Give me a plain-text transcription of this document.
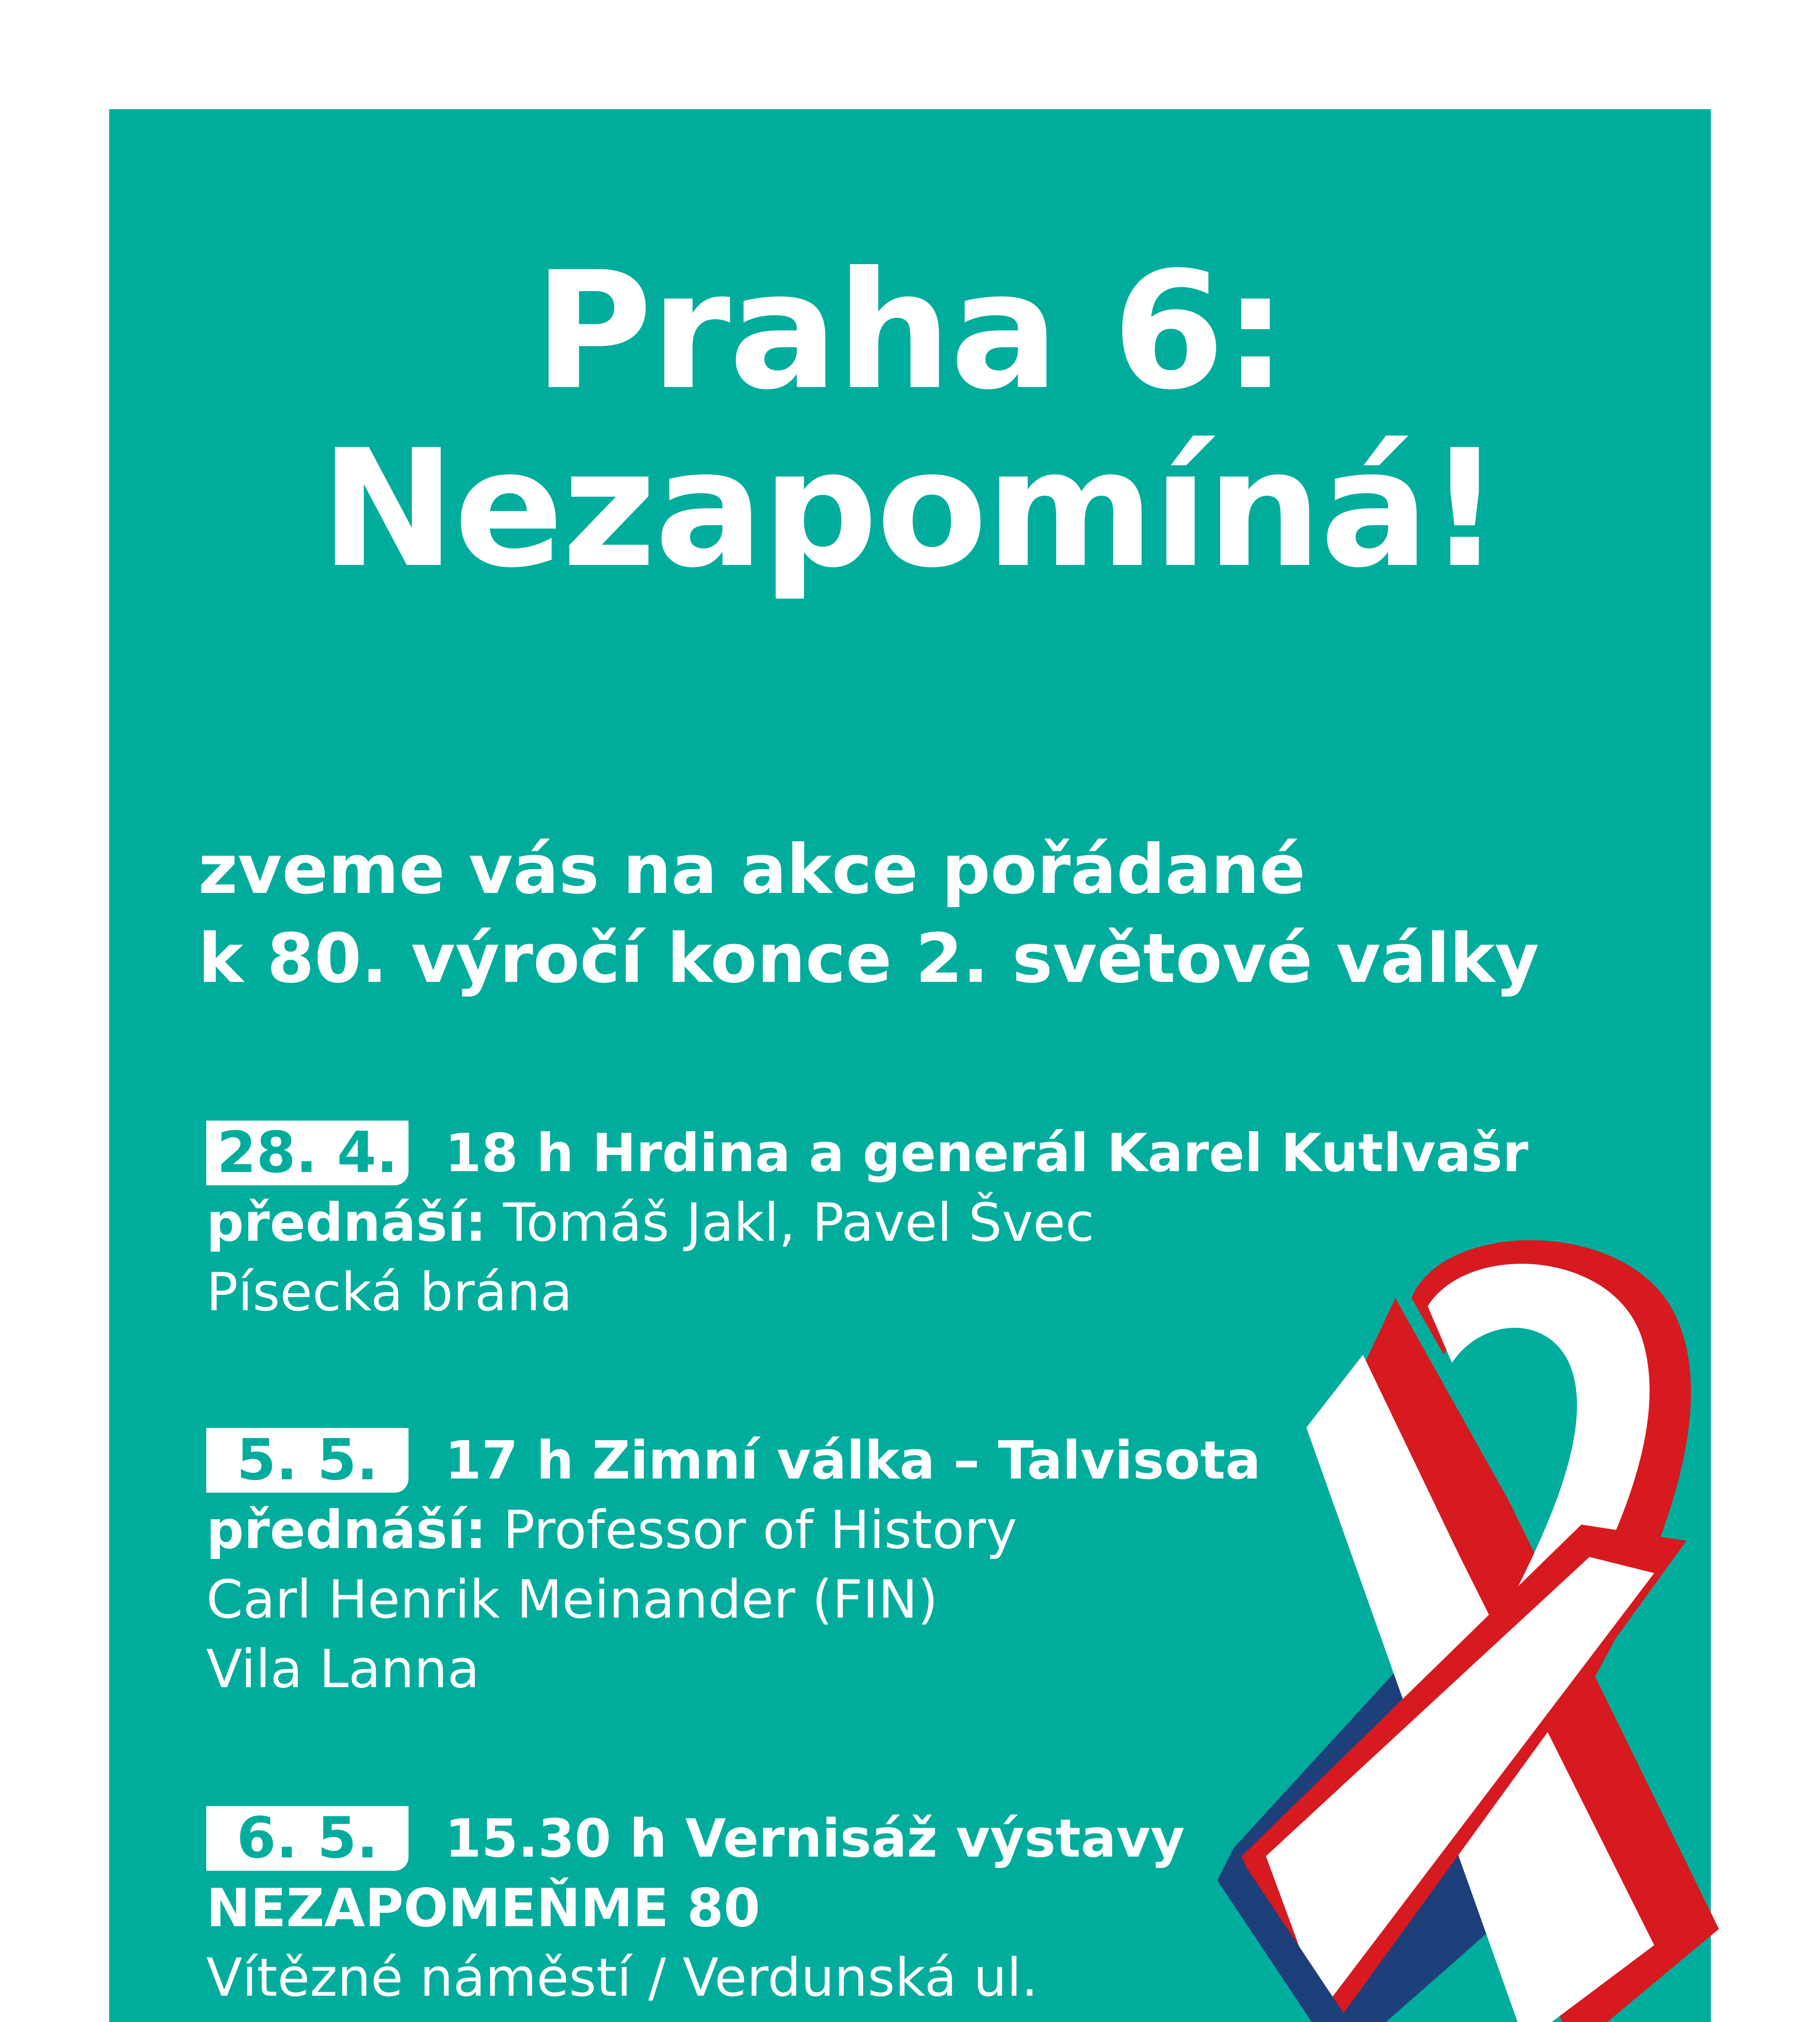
Praha 6:
Nezapomíná!
zveme vás na akce pořádané
k 80. výročí konce 2. světové války
28. 4. 18 h Hrdina a generál Karel Kutlvašr
přednáší: Tomáš Jakl, Pavel Švec
Písecká brána
5. 5.	17 h Zimní válka – Talvisota
přednáší: Professor of History
Carl Henrik Meinander (FIN)
Vila Lanna
6. 5.	15.30 h Vernisáž výstavy
NEZAPOMEŇME 80
Vítězné náměstí / Verdunská ul.
